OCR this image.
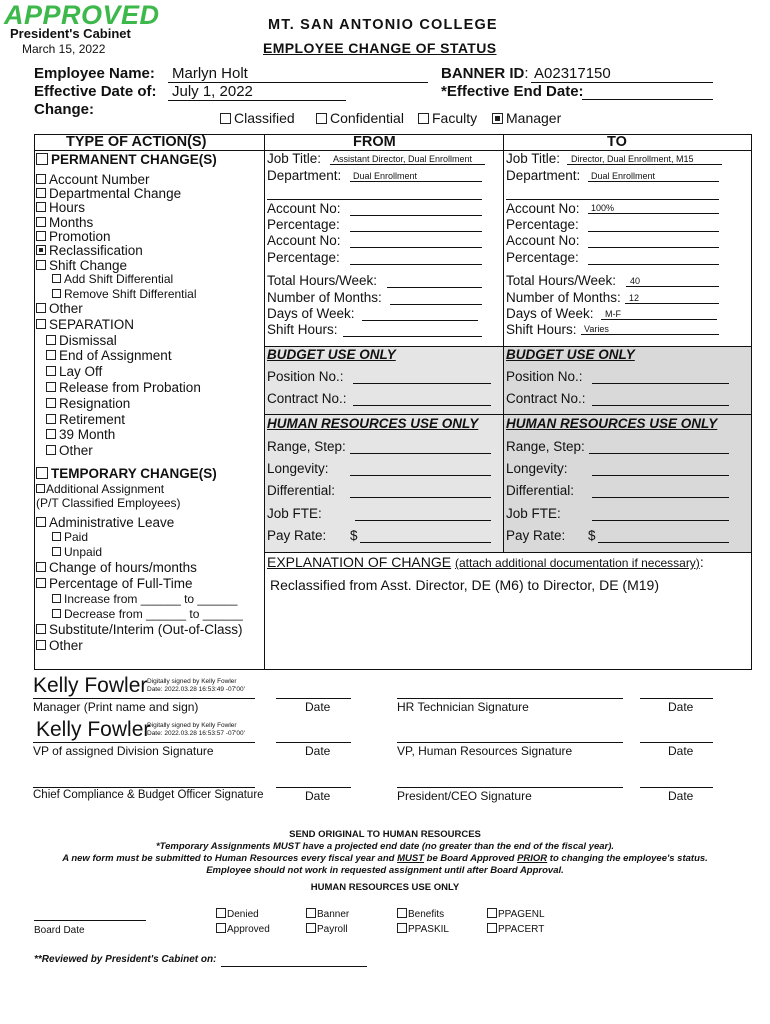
APPROVED
President's Cabinet
March 15, 2022
MT. SAN ANTONIO COLLEGE
EMPLOYEE CHANGE OF STATUS
Employee Name: Marlyn Holt	BANNER ID: A02317150
Effective Date of:
Change:
July 1, 2022	*Effective End Date:
Classified	Confidential	Faculty	Manager
TYPE OF ACTION(S)	FROM	TO
PERMANENT CHANGE(S)
Account Number
Departmental Change
Hours
Months
Promotion
Reclassification
Shift Change
Add Shift Differential
Remove Shift Differential
Other
SEPARATION
Dismissal
End of Assignment
Lay Off
Release from Probation
Resignation
Retirement
39 Month
Other
TEMPORARY CHANGE(S)
Additional Assignment
(P/T Classified Employees)
Administrative Leave
Paid
Unpaid
Change of hours/months
Percentage of Full-Time
Increase from ______ to ______
Decrease from ______ to ______
Substitute/Interim (Out-of-Class)
Other
Job Title:	Assistant Director, Dual Enrollment
Department:	Dual Enrollment
Account No:
Percentage:
Account No:
Percentage:
Total Hours/Week:
Number of Months:
Days of Week:
Shift Hours:
BUDGET USE ONLY
Position No.:
Contract No.:
HUMAN RESOURCES USE ONLY
Range, Step:
Longevity:
Differential:
Job FTE:
Pay Rate: $
Job Title:	Director, Dual Enrollment, M15
Department:	Dual Enrollment
Account No:	100%
Percentage:
Account No:
Percentage:
Total Hours/Week:	40
Number of Months: 12
Days of Week:	M-F
Shift Hours: Varies
BUDGET USE ONLY
Position No.:
Contract No.:
HUMAN RESOURCES USE ONLY
Range, Step:
Longevity:
Differential:
Job FTE:
Pay Rate: $
EXPLANATION OF CHANGE (attach additional documentation if necessary):
Reclassified from Asst. Director, DE (M6) to Director, DE (M19)
Kelly Fowler Digitally signed by Kelly Fowler
Date: 2022.03.28 16:53:49 -07'00'
Manager (Print name and sign)	Date	HR Technician Signature	Date
Kelly Fowler
Digitally signed by Kelly Fowler
Date: 2022.03.28 16:53:57 -07'00'
VP of assigned Division Signature	Date	VP, Human Resources Signature	Date
Chief Compliance & Budget Officer Signature	Date	President/CEO Signature	Date
SEND ORIGINAL TO HUMAN RESOURCES
*Temporary Assignments MUST have a projected end date (no greater than the end of the fiscal year).
A new form must be submitted to Human Resources every fiscal year and MUST be Board Approved PRIOR to changing the employee's status.
Employee should not work in requested assignment until after Board Approval.
HUMAN RESOURCES USE ONLY
Board Date
Denied
Approved
Banner
Payroll
Benefits
PPASKIL
PPAGENL
PPACERT
**Reviewed by President's Cabinet on:
